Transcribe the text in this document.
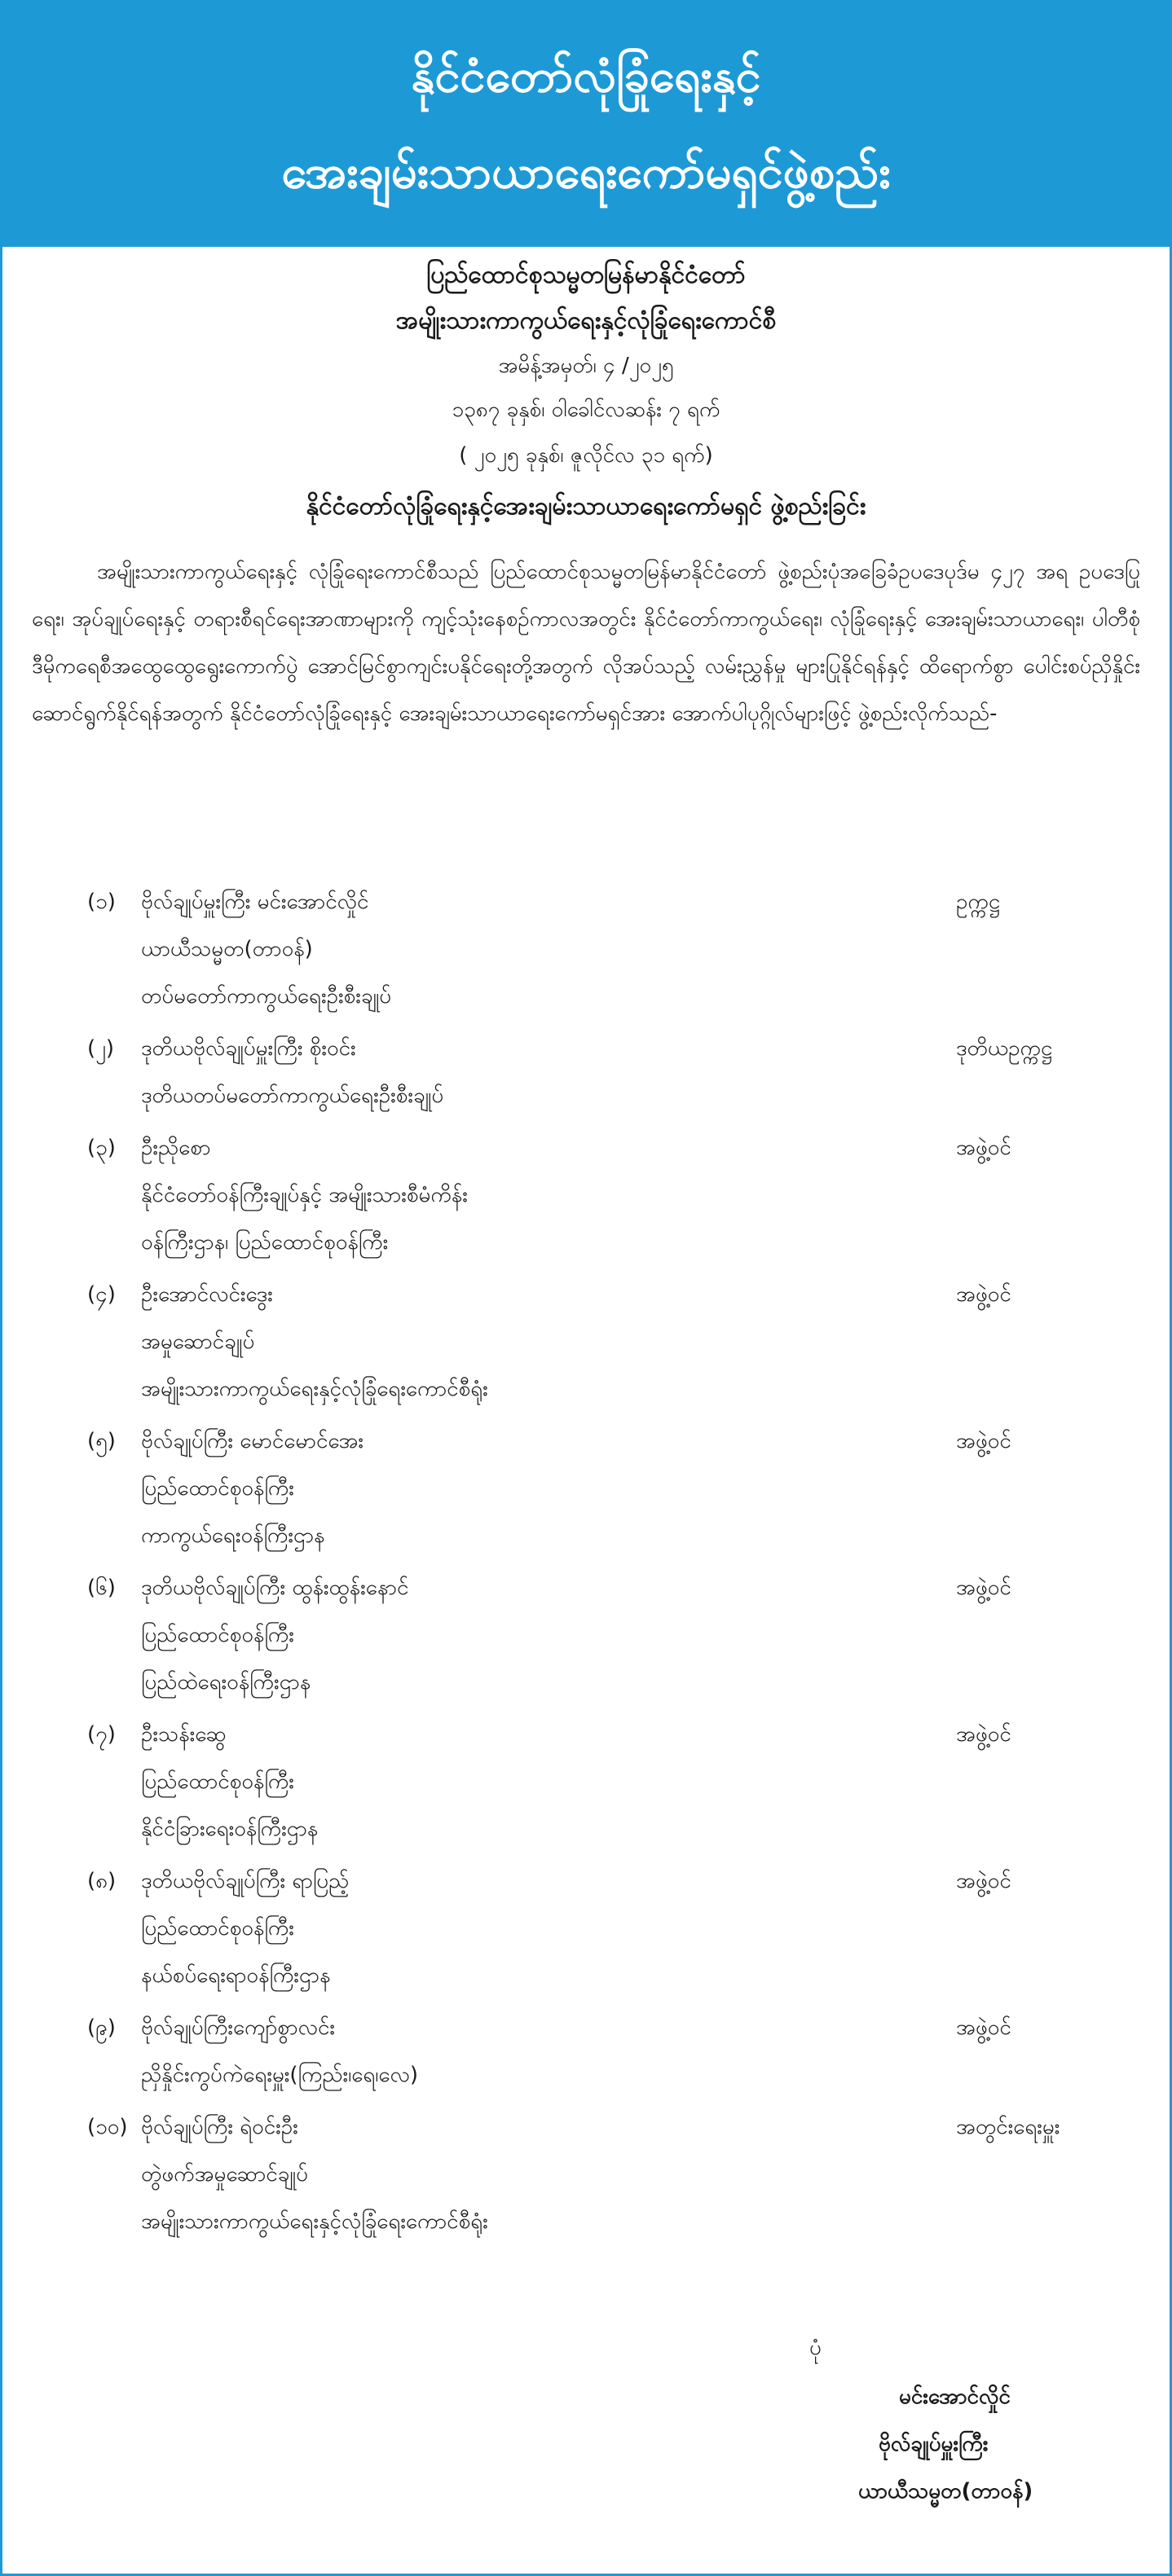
နိုင်ငံတော်လုံခြုံရေးနှင့်
အေးချမ်းသာယာရေးကော်မရှင်ဖွဲ့စည်း
ပြည်ထောင်စုသမ္မတမြန်မာနိုင်ငံတော်
အမျိုးသားကာကွယ်ရေးနှင့်လုံခြုံရေးကောင်စီ
အမိန့်အမှတ်၊ ၄ /၂၀၂၅
၁၃၈၇ ခုနှစ်၊ ဝါခေါင်လဆန်း ၇ ရက်
( ၂၀၂၅ ခုနှစ်၊ ဇူလိုင်လ ၃၁ ရက်)
နိုင်ငံတော်လုံခြုံရေးနှင့်အေးချမ်းသာယာရေးကော်မရှင် ဖွဲ့စည်းခြင်း
အမျိုးသားကာကွယ်ရေးနှင့် လုံခြုံရေးကောင်စီသည် ပြည်ထောင်စုသမ္မတမြန်မာနိုင်ငံတော် ဖွဲ့စည်းပုံအခြေခံဥပဒေပုဒ်မ ၄၂၇ အရ ဥပဒေပြုရေး၊ အုပ်ချုပ်ရေးနှင့် တရားစီရင်ရေးအာဏာများကို ကျင့်သုံးနေစဉ်ကာလအတွင်း နိုင်ငံတော်ကာကွယ်ရေး၊ လုံခြုံရေးနှင့် အေးချမ်းသာယာရေး၊ ပါတီစုံ ဒီမိုကရေစီအထွေထွေရွေးကောက်ပွဲ အောင်မြင်စွာကျင်းပနိုင်ရေးတို့အတွက် လိုအပ်သည့် လမ်းညွှန်မှု များပြုနိုင်ရန်နှင့် ထိရောက်စွာ ပေါင်းစပ်ညှိနှိုင်းဆောင်ရွက်နိုင်ရန်အတွက် နိုင်ငံတော်လုံခြုံရေးနှင့် အေးချမ်းသာယာရေးကော်မရှင်အား အောက်ပါပုဂ္ဂိုလ်များဖြင့် ဖွဲ့စည်းလိုက်သည်-
(၁) ဗိုလ်ချုပ်မှူးကြီး မင်းအောင်လှိုင်
ယာယီသမ္မတ(တာဝန်)
တပ်မတော်ကာကွယ်ရေးဦးစီးချုပ်
ဥက္ကဋ္ဌ
(၂) ဒုတိယဗိုလ်ချုပ်မှူးကြီး စိုးဝင်း
ဒုတိယတပ်မတော်ကာကွယ်ရေးဦးစီးချုပ်
ဒုတိယဥက္ကဋ္ဌ
(၃) ဦးညိုစော
နိုင်ငံတော်ဝန်ကြီးချုပ်နှင့် အမျိုးသားစီမံကိန်း
ဝန်ကြီးဌာန၊ ပြည်ထောင်စုဝန်ကြီး
အဖွဲ့ဝင်
(၄) ဦးအောင်လင်းဒွေး
အမှုဆောင်ချုပ်
အမျိုးသားကာကွယ်ရေးနှင့်လုံခြုံရေးကောင်စီရုံး
အဖွဲ့ဝင်
(၅) ဗိုလ်ချုပ်ကြီး မောင်မောင်အေး
ပြည်ထောင်စုဝန်ကြီး
ကာကွယ်ရေးဝန်ကြီးဌာန
အဖွဲ့ဝင်
(၆) ဒုတိယဗိုလ်ချုပ်ကြီး ထွန်းထွန်းနောင်
ပြည်ထောင်စုဝန်ကြီး
ပြည်ထဲရေးဝန်ကြီးဌာန
အဖွဲ့ဝင်
(၇) ဦးသန်းဆွေ
ပြည်ထောင်စုဝန်ကြီး
နိုင်ငံခြားရေးဝန်ကြီးဌာန
အဖွဲ့ဝင်
(၈) ဒုတိယဗိုလ်ချုပ်ကြီး ရာပြည့်
ပြည်ထောင်စုဝန်ကြီး
နယ်စပ်ရေးရာဝန်ကြီးဌာန
အဖွဲ့ဝင်
(၉) ဗိုလ်ချုပ်ကြီးကျော်စွာလင်း
ညှိနှိုင်းကွပ်ကဲရေးမှူး(ကြည်း၊ရေ၊လေ)
အဖွဲ့ဝင်
(၁၀) ဗိုလ်ချုပ်ကြီး ရဲဝင်းဦး
တွဲဖက်အမှုဆောင်ချုပ်
အမျိုးသားကာကွယ်ရေးနှင့်လုံခြုံရေးကောင်စီရုံး
အတွင်းရေးမှူး
ပုံ
မင်းအောင်လှိုင်
ဗိုလ်ချုပ်မှူးကြီး
ယာယီသမ္မတ(တာဝန်)
